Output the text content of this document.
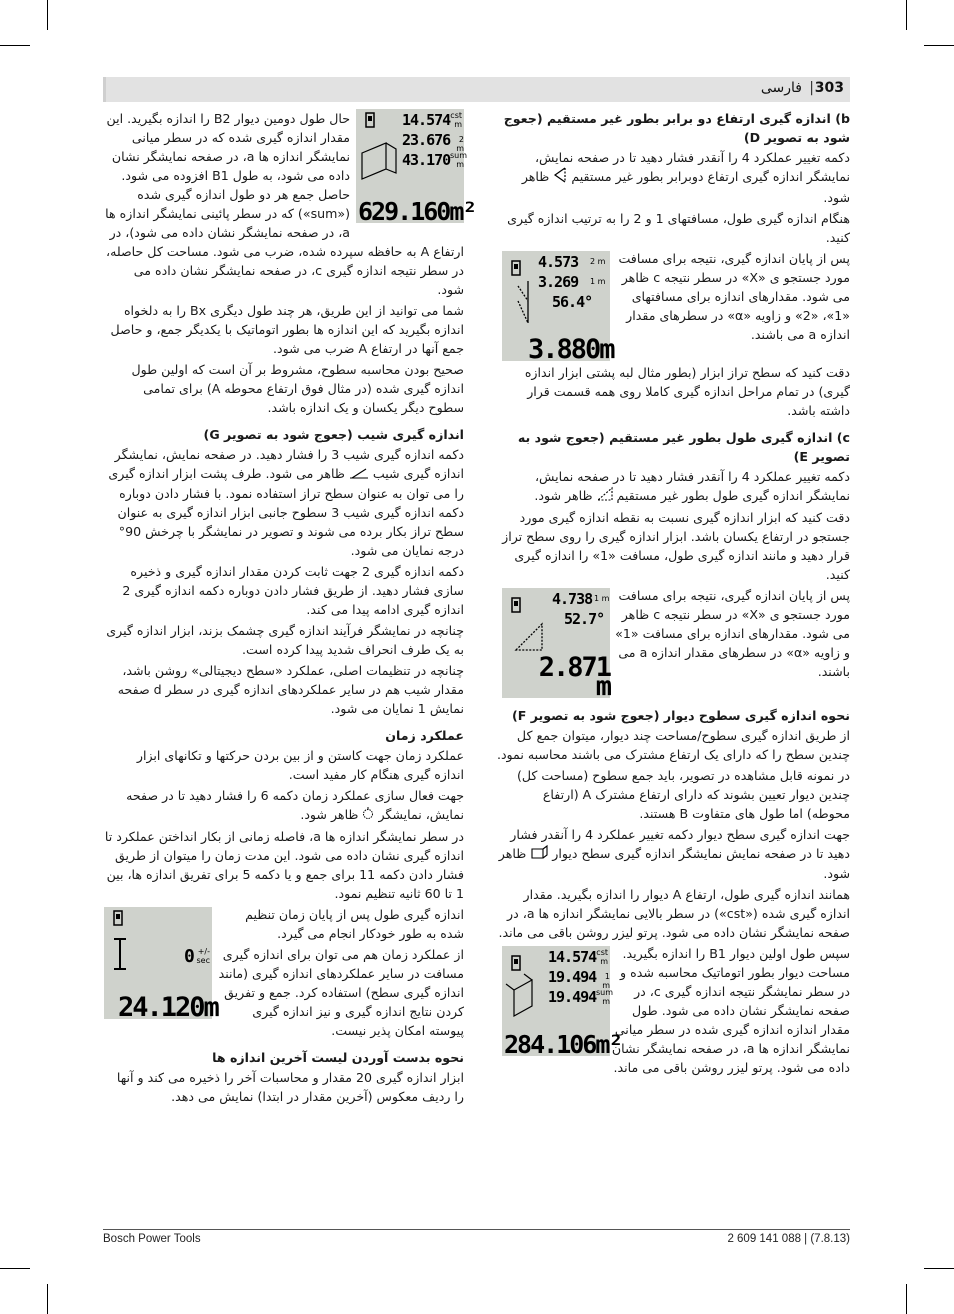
303
|
فارسی
b) اندازه گیری ارتفاع دو برابر بطور غیر مستقیم (جعوج شود به تصویر D)

دکمه تغییر عملکرد 4 را آنقدر فشار دهید تا در صفحه نمایش، نمایشگر اندازه گیری ارتفاع دوبرابر بطور غیر مستقیم  ظاهر شود.

هنگام اندازه گیری طول، مسافتهای 1 و 2 را به ترتیب اندازه گیری کنید.

4.573 2 m
3.269 1 m
56.4°
3.880m

پس از پایان اندازه گیری، نتیجه برای مسافت مورد جستجو ی «X» در سطر نتیجه c ظاهر می شود. مقدارهای اندازه برای مسافتهای «1»، «2» و زاویه «α» در سطرهای مقدار اندازه a می باشند.

دقت کنید که سطح تراز ابزار (بطور مثال لبه پشتی ابزار اندازه گیری) در تمام مراحل اندازه گیری کاملا روی همه قسمت قرار داشته باشد.

c) اندازه گیری طول بطور غیر مستقیم (جعوج شود به تصویر E)

دکمه تغییر عملکرد 4 را آنقدر فشار دهید تا در صفحه نمایش، نمایشگر اندازه گیری طول بطور غیر مستقیم  ظاهر شود.

دقت کنید که ابزار اندازه گیری نسبت به نقطه اندازه گیری مورد جستجو در ارتفاع یکسان باشد. ابزار اندازه گیری را روی سطح تراز قرار دهید و مانند اندازه گیری طول، مسافت «1» را اندازه گیری کنید.

4.738 1 m
52.7°
2.871 m

پس از پایان اندازه گیری، نتیجه برای مسافت مورد جستجو ی «X» در سطر نتیجه c ظاهر می شود. مقدارهای اندازه برای مسافت «1» و زاویه «α» در سطرهای مقدار اندازه a می باشند.

نحوه اندازه گیری سطوح دیوار (جعوج شود به تصویر F)

از طریق اندازه گیری سطوح/مساحت چند دیوار، میتوان جمع کل چندین سطح را که دارای یک ارتفاع مشترک می باشند محاسبه نمود.

در نمونه قابل مشاهده در تصویر، باید جمع سطوح (مساحت کل) چندین دیوار تعیین بشوند که دارای ارتفاع مشترک A (ارتفاع محوطه) اما طول های متفاوت B هستند.

جهت اندازه گیری سطح دیوار دکمه تغییر عملکرد 4 را آنقدر فشار دهید تا در صفحه نمایش نمایشگر اندازه گیری سطح دیوار  ظاهر شود.

همانند اندازه گیری طول، ارتفاع A دیوار را اندازه بگیرید. مقدار اندازه گیری شده («cst») در سطر بالایی نمایشگر اندازه ها a، در صفحه نمایشگر نشان داده می شود. پرتو لیزر روشن باقی می ماند.

14.574 cst m
19.494	1 m
19.494 sum m
284.106m²

سپس طول اولین دیوار B1 را اندازه بگیرید. مساحت دیوار بطور اتوماتیک محاسبه شده و در سطر نمایشگر نتیجه اندازه گیری c، در صفحه نمایشگر نشان داده می شود. طول مقدار اندازه اندازه گیری شده در سطر میانی نمایشگر اندازه ها a، در صفحه نمایشگر نشان داده می شود. پرتو لیزر روشن باقی می ماند.

14.574 cst m
23.676	2 m
43.170 sum m
629.160m²

حال طول دومین دیوار B2 را اندازه بگیرید. این مقدار اندازه گیری شده که در سطر میانی نمایشگر اندازه ها a، در صفحه نمایشگر نشان داده می شود، به طول B1 افزوده می شود. حاصل جمع هر دو طول اندازه گیری شده («sum») که در سطر پائینی نمایشگر اندازه ها a، در صفحه نمایشگر نشان داده می شود)، در ارتفاع A به حافظه سپرده شده، ضرب می شود. مساحت کل حاصله، در سطر نتیجه اندازه گیری c، در صفحه نمایشگر نشان داده می شود.

شما می توانید از این طریق، هر چند طول دیگری Bx را به دلخواه اندازه بگیرید که این اندازه ها بطور اتوماتیک با یکدیگر جمع، و حاصل جمع آنها در ارتفاع A ضرب می شود.

صحیح بودن محاسبه سطوح، مشروط بر آن است که اولین طول اندازه گیری شده (در مثال فوق ارتفاع محوطه A) برای تمامی سطوح دیگر یکسان و یک اندازه باشد.

اندازه گیری شیب (جعوج شود به تصویر G)

دکمه اندازه گیری شیب 3 را فشار دهید. در صفحه نمایش، نمایشگر اندازه گیری شیب  ظاهر می شود. طرف پشت ابزار اندازه گیری را می توان به عنوان سطح تراز استفاده نمود. با فشار دادن دوباره دکمه اندازه گیری شیب 3 سطوح جانبی ابزار اندازه گیری به عنوان سطح تراز بکار برده می شوند و تصویر در نمایشگر با چرخش 90° درجه نمایان می شود.

دکمه اندازه گیری 2 جهت ثابت کردن مقدار اندازه گیری و ذخیره سازی فشار دهید. از طریق فشار دادن دوباره دکمه اندازه گیری 2 اندازه گیری ادامه پیدا می کند.

چنانچه در نمایشگر فرآیند اندازه گیری چشمک بزند، ابزار اندازه گیری به یک طرف انحراف شدید پیدا کرده است.

چنانچه در تنظیمات اصلی، عملکرد «سطح دیجیتالی» روشن باشد، مقدار شیب هم در سایر عملکردهای اندازه گیری در سطر d صفحه نمایش 1 نمایان می شود.

عملکرد زمان

عملکرد زمان جهت کاستن و از بین بردن حرکتها و تکانهای ابزار اندازه گیری هنگام کار مفید است.

جهت فعال سازی عملکرد زمان دکمه 6 را فشار دهید تا در صفحه نمایش، نمایشگر  ظاهر شود.

در سطر نمایشگر اندازه ها a، فاصله زمانی از بکار انداختن عملکرد تا اندازه گیری نشان داده می شود. این مدت زمان را میتوان از طریق فشار دادن دکمه 11 برای جمع و یا دکمه 5 برای تفریق اندازه ها، بین 1 تا 60 ثانیه تنظیم نمود.

0 +/- sec
24.120m

اندازه گیری طول پس از پایان زمان تنظیم شده به طور خودکار انجام می گیرد.

از عملکرد زمان هم می توان برای اندازه گیری مسافت در سایر عملکردهای اندازه گیری (مانند اندازه گیری سطح) استفاده کرد. جمع و تفریق کردن نتایج اندازه گیری و نیز اندازه گیری پیوسته امکان پذیر نیست.

نحوه بدست آوردن لیست آخرین اندازه ها

ابزار اندازه گیری 20 مقدار و محاسبات آخر را ذخیره می کند و آنها را ردیف معکوس (آخرین مقدار در ابتدا) نمایش می دهد.

Bosch Power Tools	2 609 141 088 | (7.8.13)
